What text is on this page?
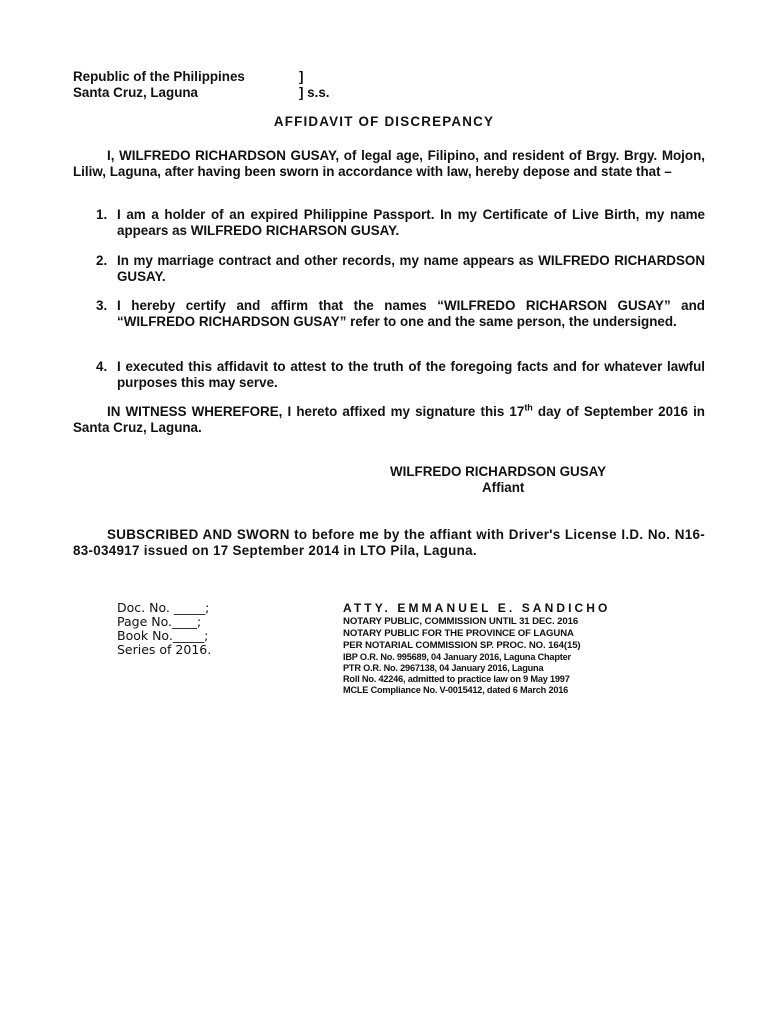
Republic of the Philippines	]
Santa Cruz, Laguna	] s.s.
AFFIDAVIT OF DISCREPANCY
I, WILFREDO RICHARDSON GUSAY, of legal age, Filipino, and resident of Brgy. Brgy. Mojon, Liliw, Laguna, after having been sworn in accordance with law, hereby depose and state that –
1. I am a holder of an expired Philippine Passport. In my Certificate of Live Birth, my name appears as WILFREDO RICHARSON GUSAY.
2. In my marriage contract and other records, my name appears as WILFREDO RICHARDSON GUSAY.
3. I hereby certify and affirm that the names “WILFREDO RICHARSON GUSAY” and “WILFREDO RICHARDSON GUSAY” refer to one and the same person, the undersigned.
4. I executed this affidavit to attest to the truth of the foregoing facts and for whatever lawful purposes this may serve.
IN WITNESS WHEREFORE, I hereto affixed my signature this 17th day of September 2016 in Santa Cruz, Laguna.
WILFREDO RICHARDSON GUSAY
Affiant
SUBSCRIBED AND SWORN to before me by the affiant with Driver's License I.D. No. N16-83-034917 issued on 17 September 2014 in LTO Pila, Laguna.
Doc. No. _____;
Page No.____;
Book No._____;
Series of 2016.
ATTY. EMMANUEL E. SANDICHO
NOTARY PUBLIC, COMMISSION UNTIL 31 DEC. 2016
NOTARY PUBLIC FOR THE PROVINCE OF LAGUNA
PER NOTARIAL COMMISSION SP. PROC. NO. 164(15)
IBP O.R. No. 995689, 04 January 2016, Laguna Chapter
PTR O.R. No. 2967138, 04 January 2016, Laguna
Roll No. 42246, admitted to practice law on 9 May 1997
MCLE Compliance No. V-0015412, dated 6 March 2016
